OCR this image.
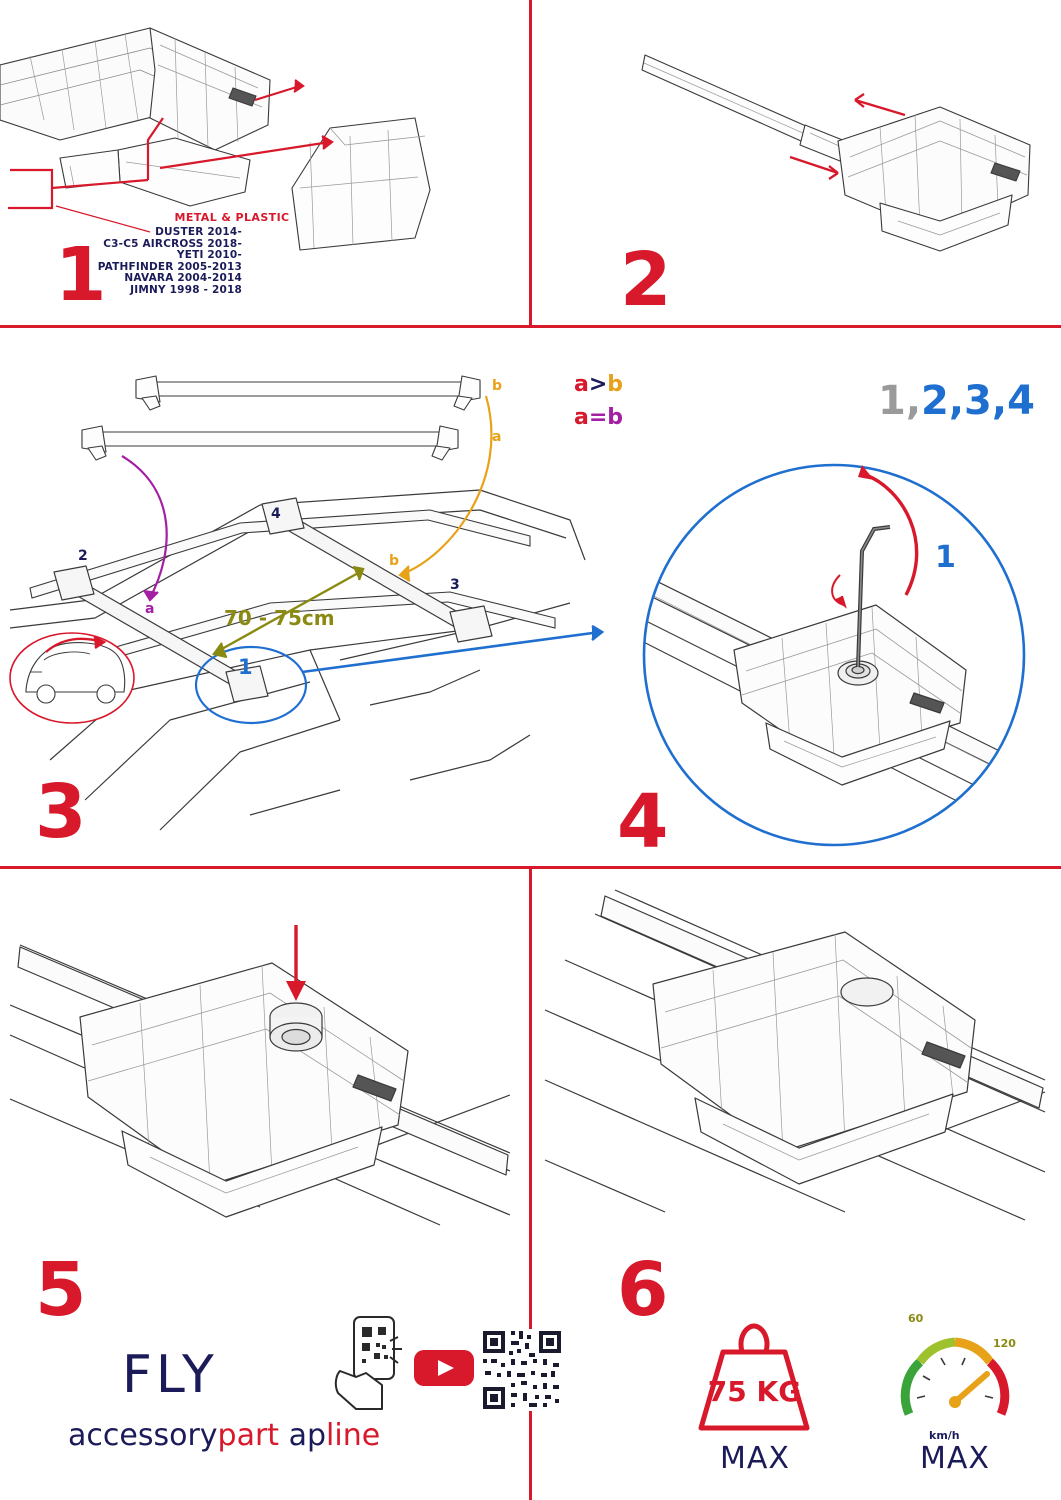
METAL & PLASTIC
DUSTER 2014-
C3-C5 AIRCROSS 2018-
YETI 2010-
PATHFINDER 2005-2013
NAVARA 2004-2014
JIMNY 1998 - 2018
1	2
b
a
b
a
a>b
a=b
70 - 75cm
2
4
3
1
3
1,2,3,4
1
4
5	6
FLY
accessorypart apline
75 KG
MAX
60
120
km/h
MAX
